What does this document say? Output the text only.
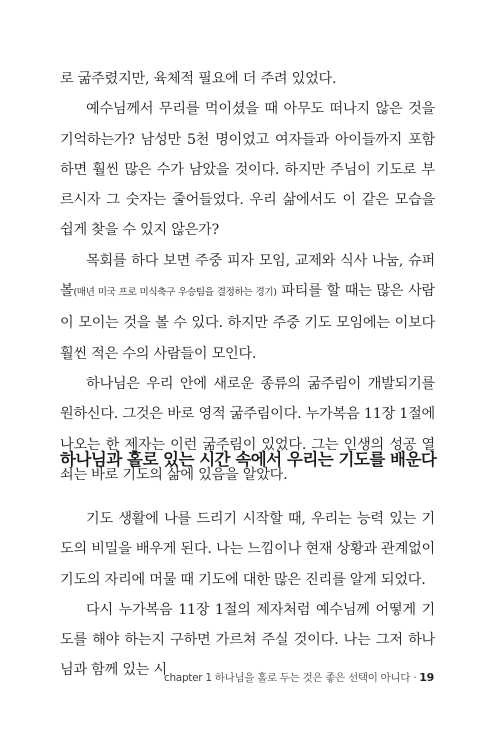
로 굶주렸지만, 육체적 필요에 더 주려 있었다.

예수님께서 무리를 먹이셨을 때 아무도 떠나지 않은 것을 기억하는가? 남성만 5천 명이었고 여자들과 아이들까지 포함하면 훨씬 많은 수가 남았을 것이다. 하지만 주님이 기도로 부르시자 그 숫자는 줄어들었다. 우리 삶에서도 이 같은 모습을 쉽게 찾을 수 있지 않은가?

목회를 하다 보면 주중 피자 모임, 교제와 식사 나눔, 슈퍼볼(매년 미국 프로 미식축구 우승팀을 결정하는 경기) 파티를 할 때는 많은 사람이 모이는 것을 볼 수 있다. 하지만 주중 기도 모임에는 이보다 훨씬 적은 수의 사람들이 모인다.

하나님은 우리 안에 새로운 종류의 굶주림이 개발되기를 원하신다. 그것은 바로 영적 굶주림이다. 누가복음 11장 1절에 나오는 한 제자는 이런 굶주림이 있었다. 그는 인생의 성공 열쇠는 바로 기도의 삶에 있음을 알았다.

하나님과 홀로 있는 시간 속에서 우리는 기도를 배운다

기도 생활에 나를 드리기 시작할 때, 우리는 능력 있는 기도의 비밀을 배우게 된다. 나는 느낌이나 현재 상황과 관계없이 기도의 자리에 머물 때 기도에 대한 많은 진리를 알게 되었다.

다시 누가복음 11장 1절의 제자처럼 예수님께 어떻게 기도를 해야 하는지 구하면 가르쳐 주실 것이다. 나는 그저 하나님과 함께 있는 시

chapter 1 하나님을 홀로 두는 것은 좋은 선택이 아니다 · 19
